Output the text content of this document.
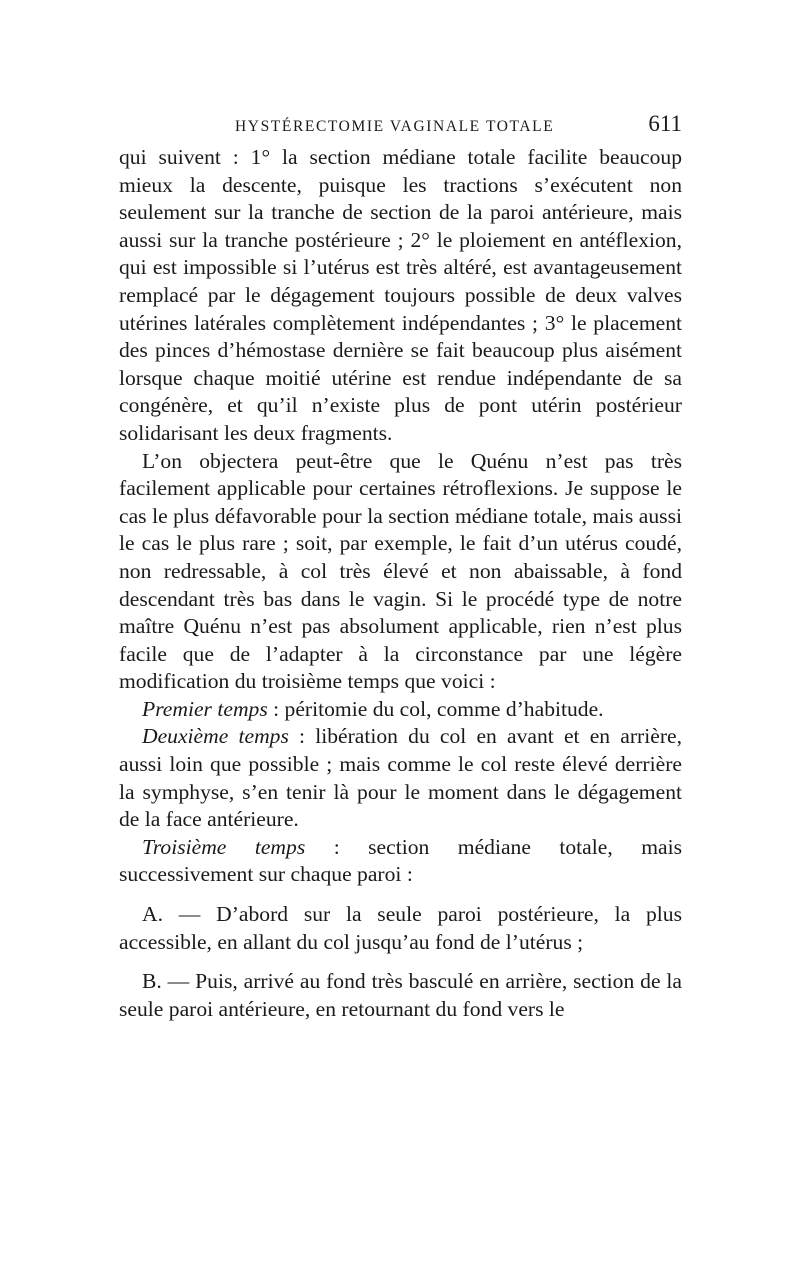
HYSTÉRECTOMIE VAGINALE TOTALE	611

qui suivent : 1° la section médiane totale facilite beaucoup mieux la descente, puisque les tractions s’exécutent non seulement sur la tranche de section de la paroi antérieure, mais aussi sur la tranche postérieure ; 2° le ploiement en antéflexion, qui est impossible si l’utérus est très altéré, est avantageusement remplacé par le dégagement toujours possible de deux valves utérines latérales complètement indépendantes ; 3° le placement des pinces d’hémostase dernière se fait beaucoup plus aisément lorsque chaque moitié utérine est rendue indépendante de sa congénère, et qu’il n’existe plus de pont utérin postérieur solidarisant les deux fragments.

L’on objectera peut-être que le Quénu n’est pas très facilement applicable pour certaines rétroflexions. Je suppose le cas le plus défavorable pour la section médiane totale, mais aussi le cas le plus rare ; soit, par exemple, le fait d’un utérus coudé, non redressable, à col très élevé et non abaissable, à fond descendant très bas dans le vagin. Si le procédé type de notre maître Quénu n’est pas absolument applicable, rien n’est plus facile que de l’adapter à la circonstance par une légère modification du troisième temps que voici :

Premier temps : péritomie du col, comme d’habitude.

Deuxième temps : libération du col en avant et en arrière, aussi loin que possible ; mais comme le col reste élevé derrière la symphyse, s’en tenir là pour le moment dans le dégagement de la face antérieure.

Troisième temps : section médiane totale, mais successivement sur chaque paroi :

A. — D’abord sur la seule paroi postérieure, la plus accessible, en allant du col jusqu’au fond de l’utérus ;

B. — Puis, arrivé au fond très basculé en arrière, section de la seule paroi antérieure, en retournant du fond vers le
